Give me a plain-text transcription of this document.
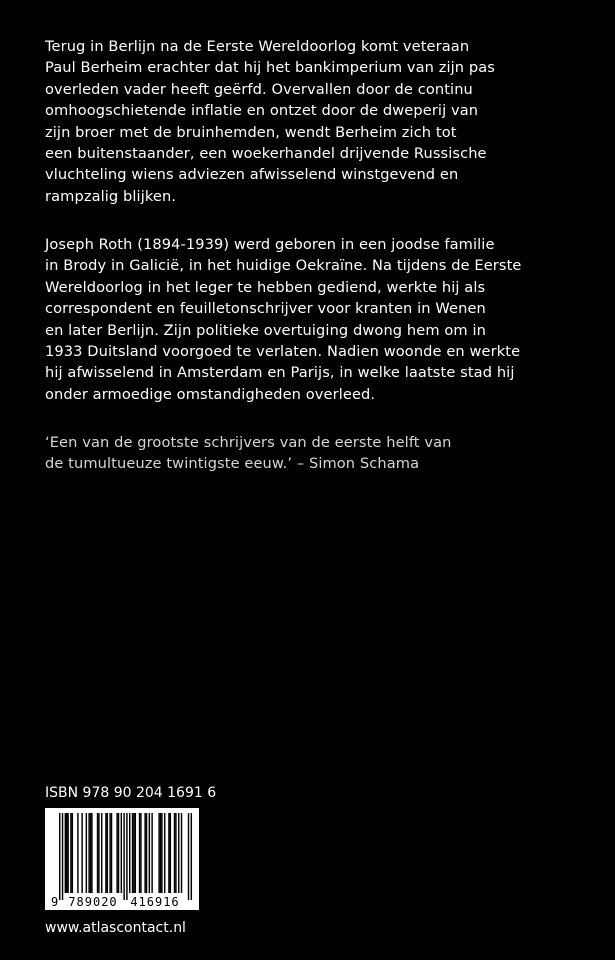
Terug in Berlijn na de Eerste Wereldoorlog komt veteraan
Paul Berheim erachter dat hij het bankimperium van zijn pas
overleden vader heeft geërfd. Overvallen door de continu
omhoogschietende inflatie en ontzet door de dweperij van
zijn broer met de bruinhemden, wendt Berheim zich tot
een buitenstaander, een woekerhandel drijvende Russische
vluchteling wiens adviezen afwisselend winstgevend en
rampzalig blijken.
Joseph Roth (1894-1939) werd geboren in een joodse familie
in Brody in Galicië, in het huidige Oekraïne. Na tijdens de Eerste
Wereldoorlog in het leger te hebben gediend, werkte hij als
correspondent en feuilletonschrijver voor kranten in Wenen
en later Berlijn. Zijn politieke overtuiging dwong hem om in
1933 Duitsland voorgoed te verlaten. Nadien woonde en werkte
hij afwisselend in Amsterdam en Parijs, in welke laatste stad hij
onder armoedige omstandigheden overleed.
‘Een van de grootste schrijvers van de eerste helft van
de tumultueuze twintigste eeuw.’ – Simon Schama
ISBN 978 90 204 1691 6
9 789020 416916
www.atlascontact.nl
